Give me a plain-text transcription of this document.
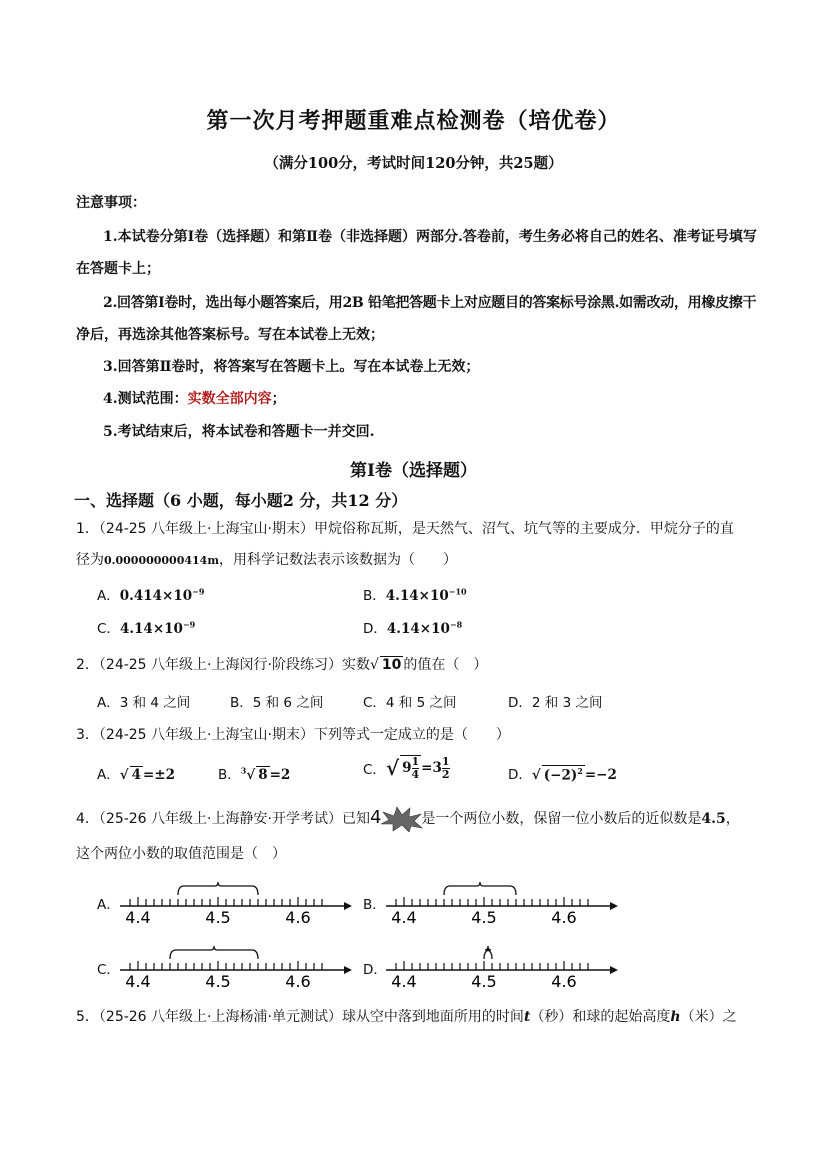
第一次月考押题重难点检测卷（培优卷）
（满分100分，考试时间120分钟，共25题）
注意事项：
1.本试卷分第Ⅰ卷（选择题）和第Ⅱ卷（非选择题）两部分.答卷前，考生务必将自己的姓名、准考证号填写
在答题卡上；
2.回答第Ⅰ卷时，选出每小题答案后，用2B 铅笔把答题卡上对应题目的答案标号涂黑.如需改动，用橡皮擦干
净后，再选涂其他答案标号。写在本试卷上无效；
3.回答第Ⅱ卷时，将答案写在答题卡上。写在本试卷上无效；
4.测试范围：实数全部内容；
5.考试结束后，将本试卷和答题卡一并交回.
第Ⅰ卷（选择题）
一、选择题（6 小题，每小题2 分，共12 分）
1．（24-25 八年级上·上海宝山·期末）甲烷俗称瓦斯，是天然气、沼气、坑气等的主要成分．甲烷分子的直
径为0.000000000414m，用科学记数法表示该数据为（　　）
A．$0.414\times 10^{-9}$	B．$4.14\times 10^{-10}$
C．$4.14\times 10^{-9}$	D．$4.14\times 10^{-8}$
2．（24-25 八年级上·上海闵行·阶段练习）实数√ 10 的值在（　）
A．3 和 4 之间	B．5 和 6 之间	C．4 和 5 之间	D．2 和 3 之间
3．（24-25 八年级上·上海宝山·期末）下列等式一定成立的是（　　）
A．√ 4 =±2	B．$^3$√ 8 =2	C．√ $9 \frac{1}{4} =3 \frac{1}{2}$	D．√ $(-2)^2 =-2$
4．（25-26 八年级上·上海静安·开学考试）已知4	是一个两位小数，保留一位小数后的近似数是4.5，
这个两位小数的取值范围是（　）
A．	B．
C．	D．
4.4	4.5	4.6	4.4	4.5	4.6
4.4	4.5	4.6	4.4	4.5	4.6
5．（25-26 八年级上·上海杨浦·单元测试）球从空中落到地面所用的时间t（秒）和球的起始高度h（米）之
